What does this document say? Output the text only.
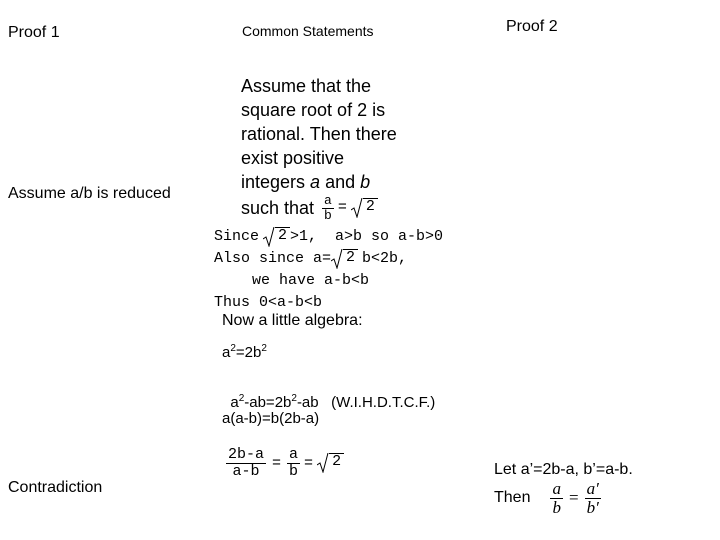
Proof 1	Common Statements	Proof 2
Assume a/b is reduced
Contradiction
Assume that the
square root of 2 is
rational. Then there
exist positive
integers a and b
such that $\frac{a}{b} = 2$
Since 2 >1,  a>b so a-b>0
Also since a= 2 b<2b,
we have a-b<b
Thus 0<a-b<b
Now a little algebra:
$a^2=2b^2$

$a^2-ab=2b^2-ab$   (W.I.H.D.T.C.F.)

a(a-b)=b(2b-a)
$\frac{2b-a}{a-b} = \frac{a}{b} = 2$	Let a’=2b-a, b’=a-b.
Then $\frac{a}{b} = \frac{a'}{b'}$
